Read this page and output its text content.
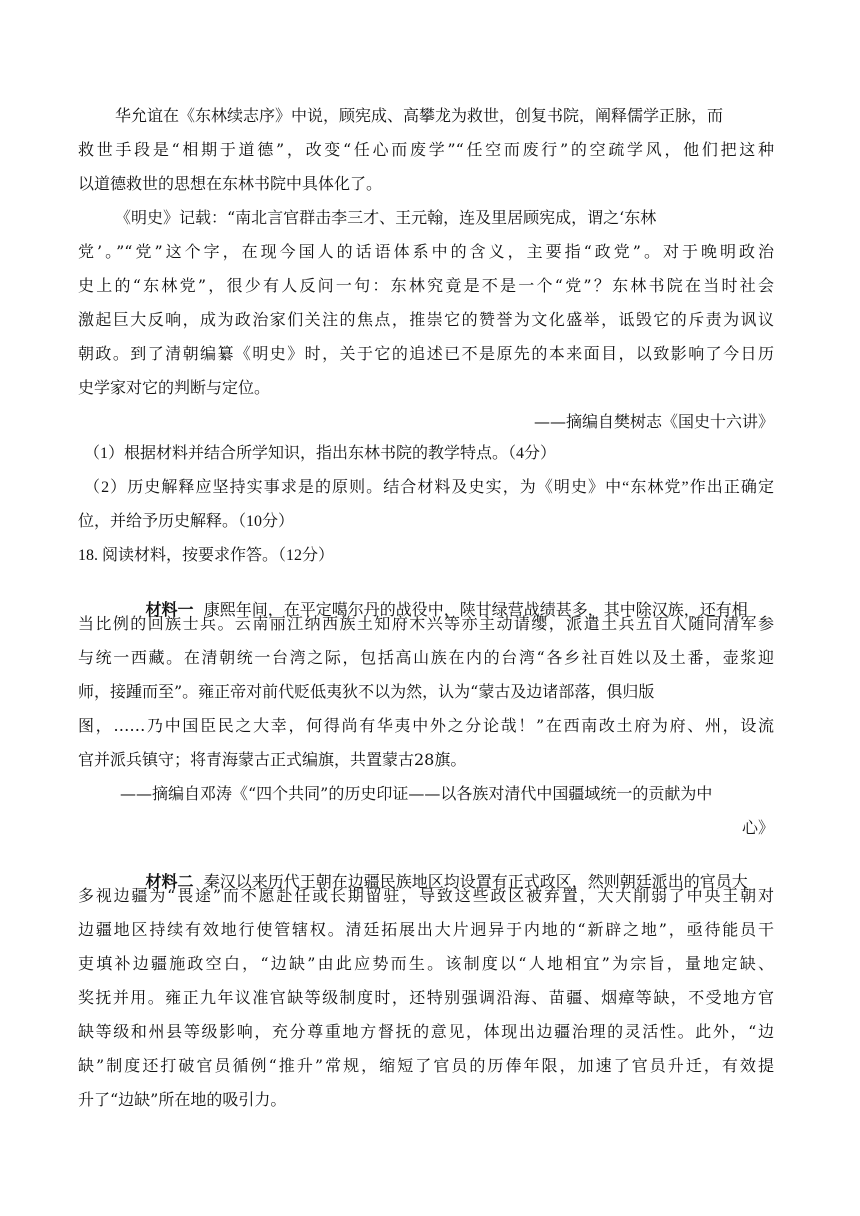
华允谊在《东林续志序》中说，顾宪成、高攀龙为救世，创复书院，阐释儒学正脉，而
救世手段是“相期于道德”，改变“任心而废学”“任空而废行”的空疏学风，他们把这种
以道德救世的思想在东林书院中具体化了。
《明史》记载：“南北言官群击李三才、王元翰，连及里居顾宪成，谓之‘东林
党’。”“党”这个字，在现今国人的话语体系中的含义，主要指“政党”。对于晚明政治
史上的“东林党”，很少有人反问一句：东林究竟是不是一个“党”？东林书院在当时社会
激起巨大反响，成为政治家们关注的焦点，推崇它的赞誉为文化盛举，诋毁它的斥责为讽议
朝政。到了清朝编纂《明史》时，关于它的追述已不是原先的本来面目，以致影响了今日历
史学家对它的判断与定位。
——摘编自樊树志《国史十六讲》
（1）根据材料并结合所学知识，指出东林书院的教学特点。（4分）
（2）历史解释应坚持实事求是的原则。结合材料及史实，为《明史》中“东林党”作出正确定
位，并给予历史解释。（10分）
18. 阅读材料，按要求作答。（12分）

材料一 康熙年间，在平定噶尔丹的战役中，陕甘绿营战绩甚多，其中除汉族，还有相

当比例的回族士兵。云南丽江纳西族土知府木兴等亦主动请缨，派遣土兵五百人随同清军参
与统一西藏。在清朝统一台湾之际，包括高山族在内的台湾“各乡社百姓以及土番，壶浆迎
师，接踵而至”。雍正帝对前代贬低夷狄不以为然，认为“蒙古及边诸部落，俱归版
图，……乃中国臣民之大幸，何得尚有华夷中外之分论哉！”在西南改土府为府、州，设流
官并派兵镇守；将青海蒙古正式编旗，共置蒙古28旗。
——摘编自邓涛《“四个共同”的历史印证——以各族对清代中国疆域统一的贡献为中
心》

材料二 秦汉以来历代王朝在边疆民族地区均设置有正式政区，然则朝廷派出的官员大

多视边疆为“畏途”而不愿赴任或长期留驻，导致这些政区被弃置，大大削弱了中央王朝对
边疆地区持续有效地行使管辖权。清廷拓展出大片迥异于内地的“新辟之地”，亟待能员干
吏填补边疆施政空白，“边缺”由此应势而生。该制度以“人地相宜”为宗旨，量地定缺、
奖抚并用。雍正九年议准官缺等级制度时，还特别强调沿海、苗疆、烟瘴等缺，不受地方官
缺等级和州县等级影响，充分尊重地方督抚的意见，体现出边疆治理的灵活性。此外，“边
缺”制度还打破官员循例“推升”常规，缩短了官员的历俸年限，加速了官员升迁，有效提
升了“边缺”所在地的吸引力。
